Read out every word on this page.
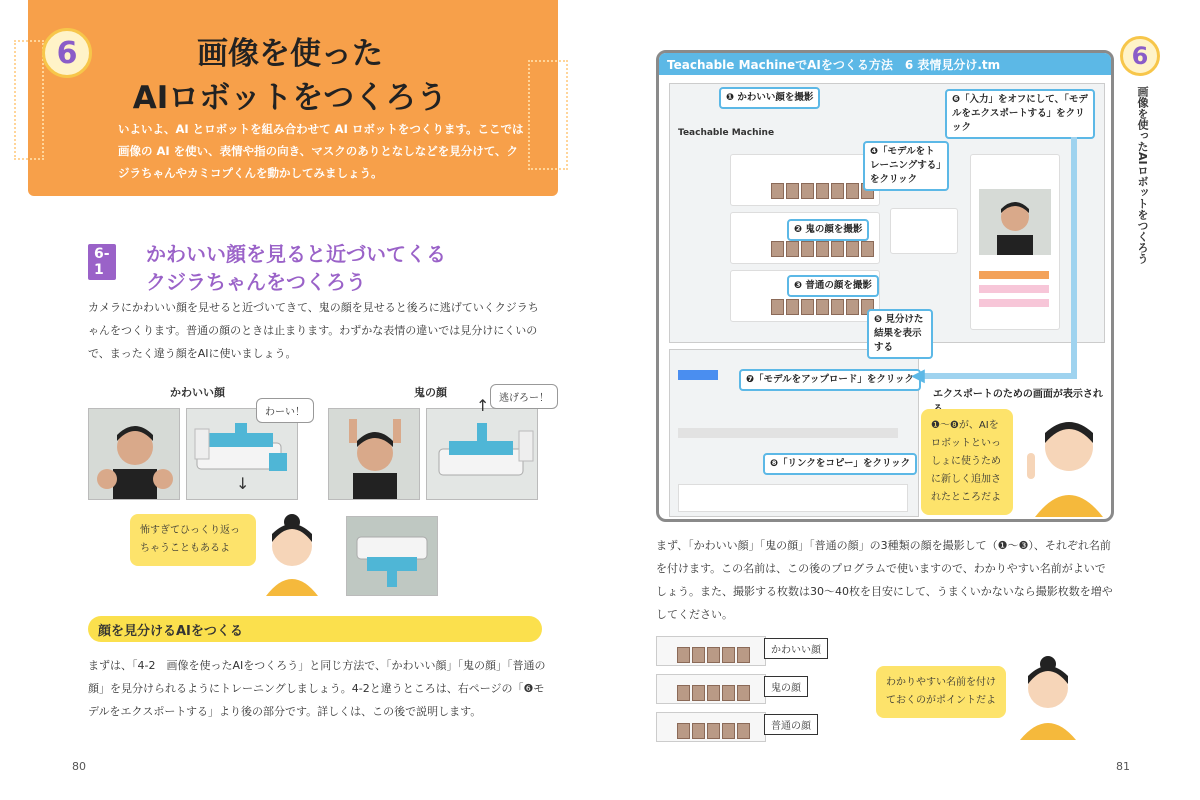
6	画像を使った
AIロボットをつくろう
いよいよ、AI とロボットを組み合わせて AI ロボットをつくります。ここでは画像の AI を使い、表情や指の向き、マスクのありとなしなどを見分けて、クジラちゃんやカミコプくんを動かしてみましょう。
6-1
かわいい顔を見ると近づいてくる
クジラちゃんをつくろう
カメラにかわいい顔を見せると近づいてきて、鬼の顔を見せると後ろに逃げていくクジラちゃんをつくります。普通の顔のときは止まります。わずかな表情の違いでは見分けにくいので、まったく違う顔をAIに使いましょう。
かわいい顔	鬼の顔
わーい！
↓
逃げろー！
↑
怖すぎてひっくり返っちゃうこともあるよ
顔を見分けるAIをつくる
まずは、「4-2　画像を使ったAIをつくろう」と同じ方法で、「かわいい顔」「鬼の顔」「普通の顔」を見分けられるようにトレーニングしましょう。4-2と違うところは、右ページの「❻モデルをエクスポートする」より後の部分です。詳しくは、この後で説明します。
80
6
画像を使ったAIロボットをつくろう
Teachable MachineでAIをつくる方法　6 表情見分け.tm
Teachable Machine
❶ かわいい顔を撮影
❷ 鬼の顔を撮影
❸ 普通の顔を撮影
❹「モデルをトレーニングする」をクリック
❺ 見分けた結果を表示する
❻「入力」をオフにして、「モデルをエクスポートする」をクリック
❼「モデルをアップロード」をクリック
❽「リンクをコピー」をクリック
◀
エクスポートのための画面が表示され
❶〜❽が、AIをロボットといっしょに使うために新しく追加されたところだよ
まず、「かわいい顔」「鬼の顔」「普通の顔」の3種類の顔を撮影して（❶〜❸）、それぞれ名前を付けます。この名前は、この後のプログラムで使いますので、わかりやすい名前がよいでしょう。また、撮影する枚数は30〜40枚を目安にして、うまくいかないなら撮影枚数を増やしてください。
かわいい顔
鬼の顔
普通の顔
わかりやすい名前を付けておくのがポイントだよ
81
